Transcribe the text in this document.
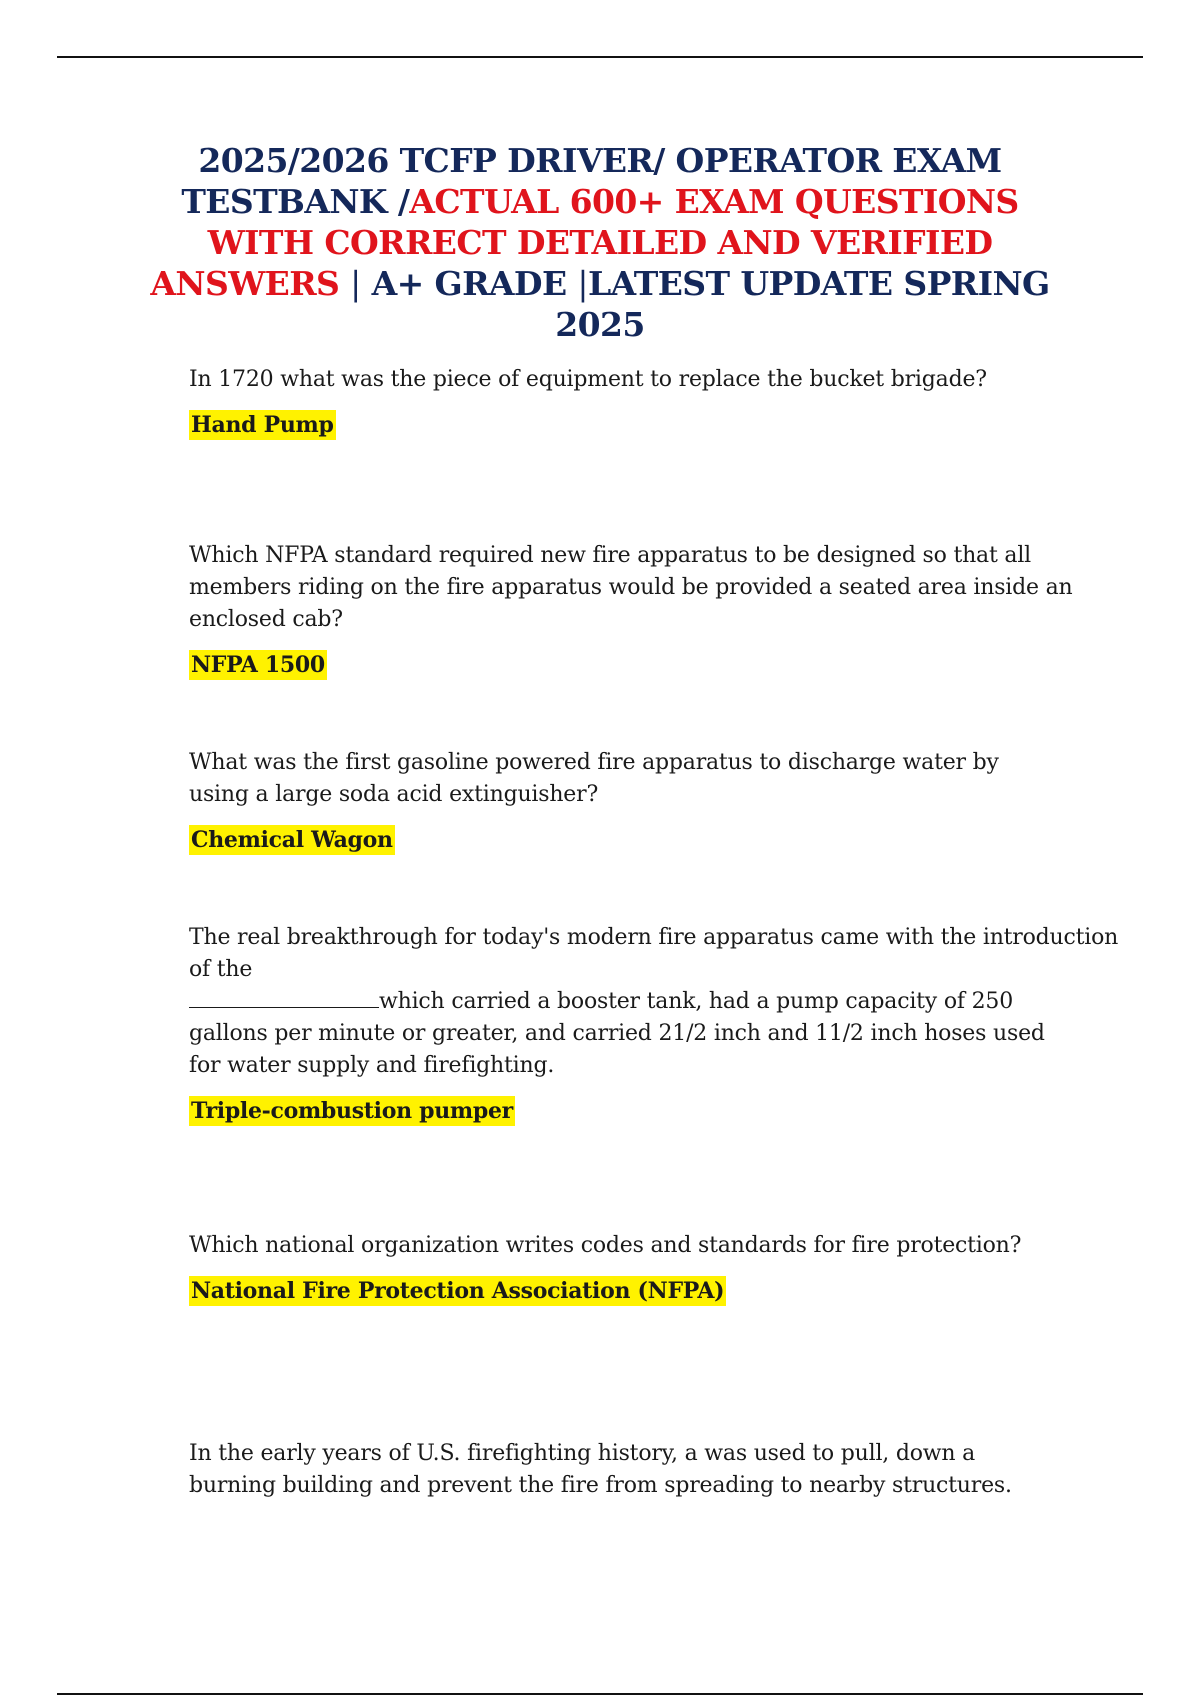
2025/2026 TCFP DRIVER/ OPERATOR EXAM TESTBANK /ACTUAL 600+ EXAM QUESTIONS WITH CORRECT DETAILED AND VERIFIED ANSWERS | A+ GRADE |LATEST UPDATE SPRING 2025

In 1720 what was the piece of equipment to replace the bucket brigade?

Hand Pump

Which NFPA standard required new fire apparatus to be designed so that all members riding on the fire apparatus would be provided a seated area inside an enclosed cab?

NFPA 1500

What was the first gasoline powered fire apparatus to discharge water by using a large soda acid extinguisher?

Chemical Wagon

The real breakthrough for today's modern fire apparatus came with the introduction of the

which carried a booster tank, had a pump capacity of 250 gallons per minute or greater, and carried 21/2 inch and 11/2 inch hoses used for water supply and firefighting.

Triple-combustion pumper

Which national organization writes codes and standards for fire protection?

National Fire Protection Association (NFPA)

In the early years of U.S. firefighting history, a was used to pull, down a burning building and prevent the fire from spreading to nearby structures.
